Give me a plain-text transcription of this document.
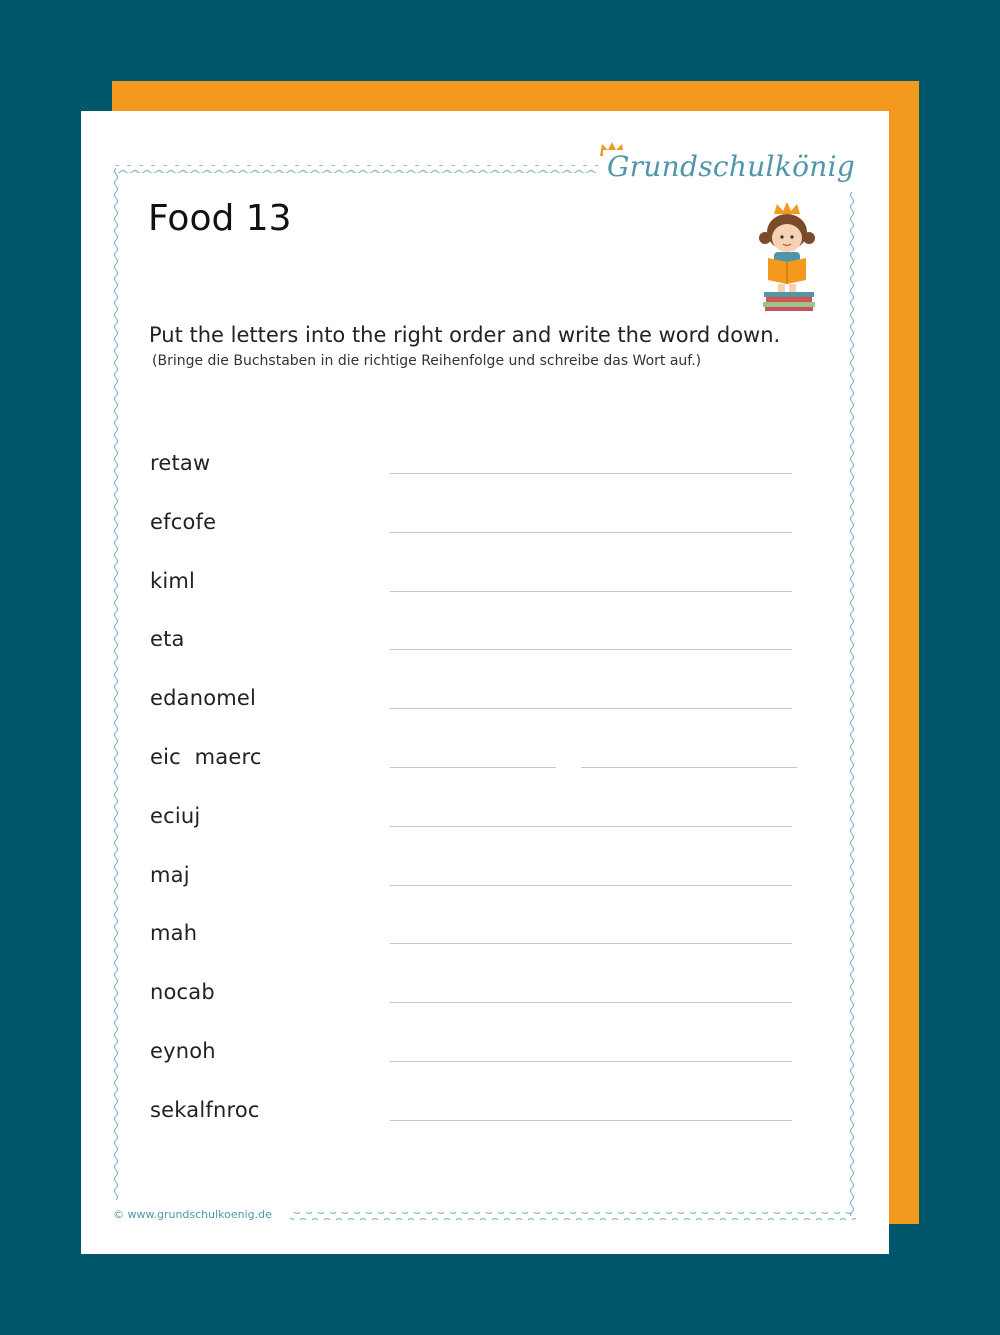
Grundschulkönig
Food 13
Put the letters into the right order and write the word down.
(Bringe die Buchstaben in die richtige Reihenfolge und schreibe das Wort auf.)
retaw
efcofe
kiml
eta
edanomel
eic  maerc
eciuj
maj
mah
nocab
eynoh
sekalfnroc
© www.grundschulkoenig.de
